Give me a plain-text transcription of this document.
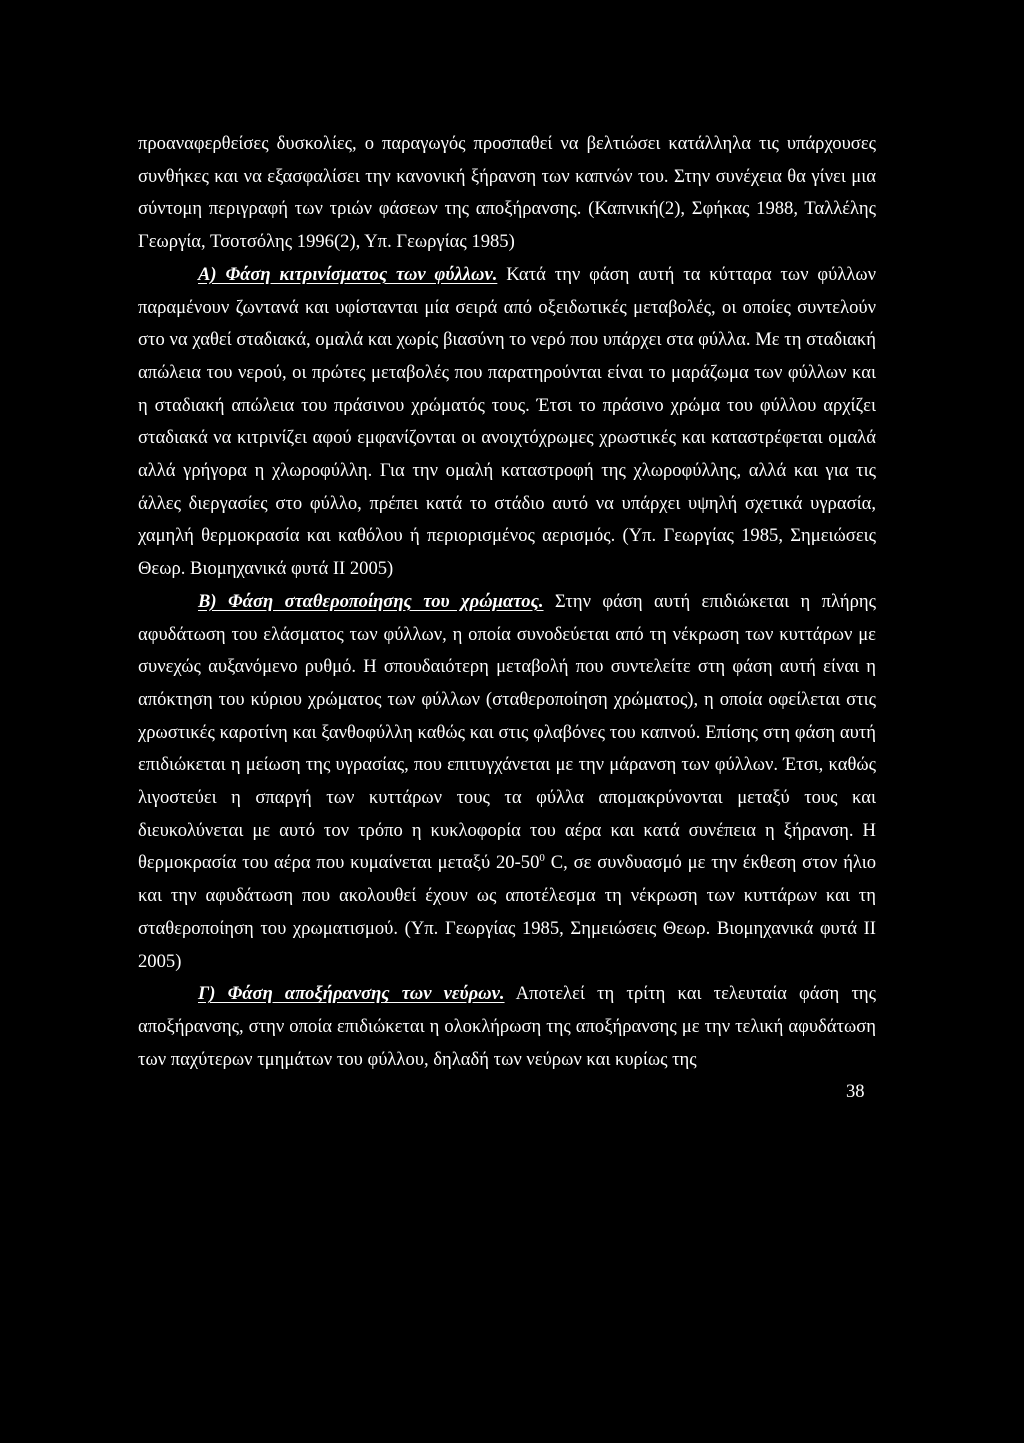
προαναφερθείσες δυσκολίες, ο παραγωγός προσπαθεί να βελτιώσει κατάλληλα τις υπάρχουσες συνθήκες και να εξασφαλίσει την κανονική ξήρανση των καπνών του. Στην συνέχεια θα γίνει μια σύντομη περιγραφή των τριών φάσεων της αποξήρανσης. (Καπνική(2), Σφήκας 1988, Ταλλέλης Γεωργία, Τσοτσόλης 1996(2), Υπ. Γεωργίας 1985)

Α) Φάση κιτρινίσματος των φύλλων. Κατά την φάση αυτή τα κύτταρα των φύλλων παραμένουν ζωντανά και υφίστανται μία σειρά από οξειδωτικές μεταβολές, οι οποίες συντελούν στο να χαθεί σταδιακά, ομαλά και χωρίς βιασύνη το νερό που υπάρχει στα φύλλα. Με τη σταδιακή απώλεια του νερού, οι πρώτες μεταβολές που παρατηρούνται είναι το μαράζωμα των φύλλων και η σταδιακή απώλεια του πράσινου χρώματός τους. Έτσι το πράσινο χρώμα του φύλλου αρχίζει σταδιακά να κιτρινίζει αφού εμφανίζονται οι ανοιχτόχρωμες χρωστικές και καταστρέφεται ομαλά αλλά γρήγορα η χλωροφύλλη. Για την ομαλή καταστροφή της χλωροφύλλης, αλλά και για τις άλλες διεργασίες στο φύλλο, πρέπει κατά το στάδιο αυτό να υπάρχει υψηλή σχετικά υγρασία, χαμηλή θερμοκρασία και καθόλου ή περιορισμένος αερισμός. (Υπ. Γεωργίας 1985, Σημειώσεις Θεωρ. Βιομηχανικά φυτά ΙΙ 2005)

Β) Φάση σταθεροποίησης του χρώματος. Στην φάση αυτή επιδιώκεται η πλήρης αφυδάτωση του ελάσματος των φύλλων, η οποία συνοδεύεται από τη νέκρωση των κυττάρων με συνεχώς αυξανόμενο ρυθμό. Η σπουδαιότερη μεταβολή που συντελείτε στη φάση αυτή είναι η απόκτηση του κύριου χρώματος των φύλλων (σταθεροποίηση χρώματος), η οποία οφείλεται στις χρωστικές καροτίνη και ξανθοφύλλη καθώς και στις φλαβόνες του καπνού. Επίσης στη φάση αυτή επιδιώκεται η μείωση της υγρασίας, που επιτυγχάνεται με την μάρανση των φύλλων. Έτσι, καθώς λιγοστεύει η σπαργή των κυττάρων τους τα φύλλα απομακρύνονται μεταξύ τους και διευκολύνεται με αυτό τον τρόπο η κυκλοφορία του αέρα και κατά συνέπεια η ξήρανση. Η θερμοκρασία του αέρα που κυμαίνεται μεταξύ $20-50^0$ C, σε συνδυασμό με την έκθεση στον ήλιο και την αφυδάτωση που ακολουθεί έχουν ως αποτέλεσμα τη νέκρωση των κυττάρων και τη σταθεροποίηση του χρωματισμού. (Υπ. Γεωργίας 1985, Σημειώσεις Θεωρ. Βιομηχανικά φυτά ΙΙ 2005)

Γ) Φάση αποξήρανσης των νεύρων. Αποτελεί τη τρίτη και τελευταία φάση της αποξήρανσης, στην οποία επιδιώκεται η ολοκλήρωση της αποξήρανσης με την τελική αφυδάτωση των παχύτερων τμημάτων του φύλλου, δηλαδή των νεύρων και κυρίως της

38
